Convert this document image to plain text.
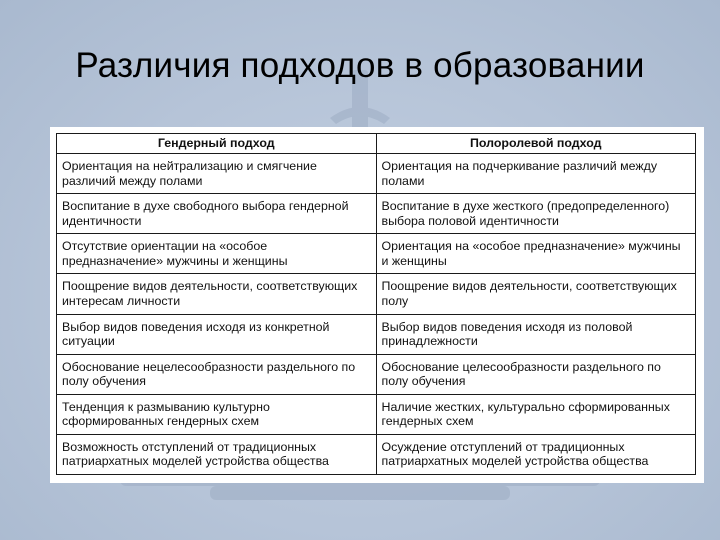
Различия подходов в образовании
Гендерный подход	Полоролевой подход
Ориентация на нейтрализацию и смягчение различий между полами	Ориентация на подчеркивание различий между полами
Воспитание в духе свободного выбора гендерной идентичности	Воспитание в духе жесткого (предопределенного) выбора половой идентичности
Отсутствие ориентации на «особое предназначение» мужчины и женщины	Ориентация на «особое предназначение» мужчины и женщины
Поощрение видов деятельности, соответствующих интересам личности	Поощрение видов деятельности, соответствующих полу
Выбор видов поведения исходя из конкретной ситуации	Выбор видов поведения исходя из половой принадлежности
Обоснование нецелесообразности раздельного по полу обучения	Обоснование целесообразности раздельного по полу обучения
Тенденция к размыванию культурно сформированных гендерных схем	Наличие жестких, культурально сформированных гендерных схем
Возможность отступлений от традиционных патриархатных моделей устройства общества	Осуждение отступлений от традиционных патриархатных моделей устройства общества
